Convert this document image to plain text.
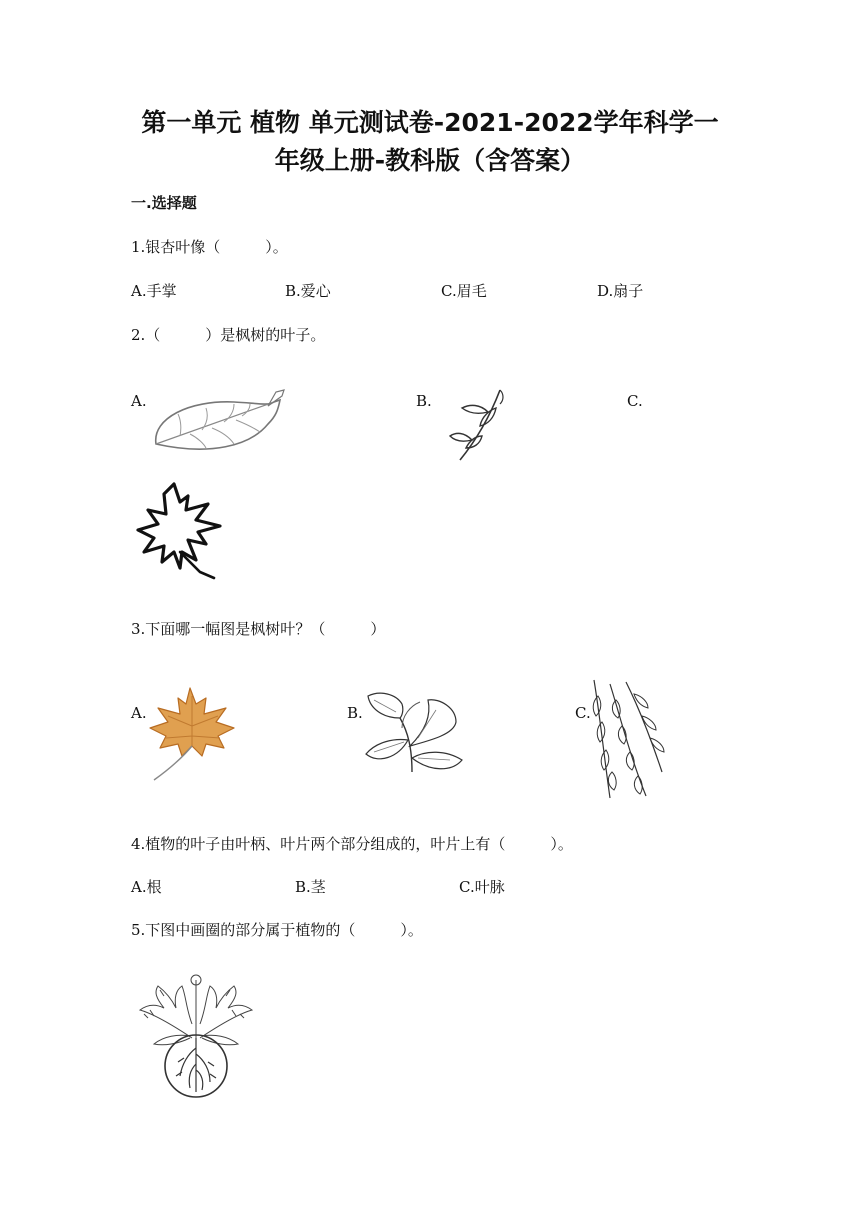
第一单元 植物 单元测试卷-2021-2022学年科学一
年级上册-教科版（含答案）
一.选择题
1.银杏叶像（　　　）。
A.手掌	B.爱心	C.眉毛	D.扇子
2.（　　　）是枫树的叶子。
A.	B.	C.
3.下面哪一幅图是枫树叶？（　　　）
A.	B.	C.
4.植物的叶子由叶柄、叶片两个部分组成的，叶片上有（　　　）。
A.根	B.茎	C.叶脉
5.下图中画圈的部分属于植物的（　　　）。
